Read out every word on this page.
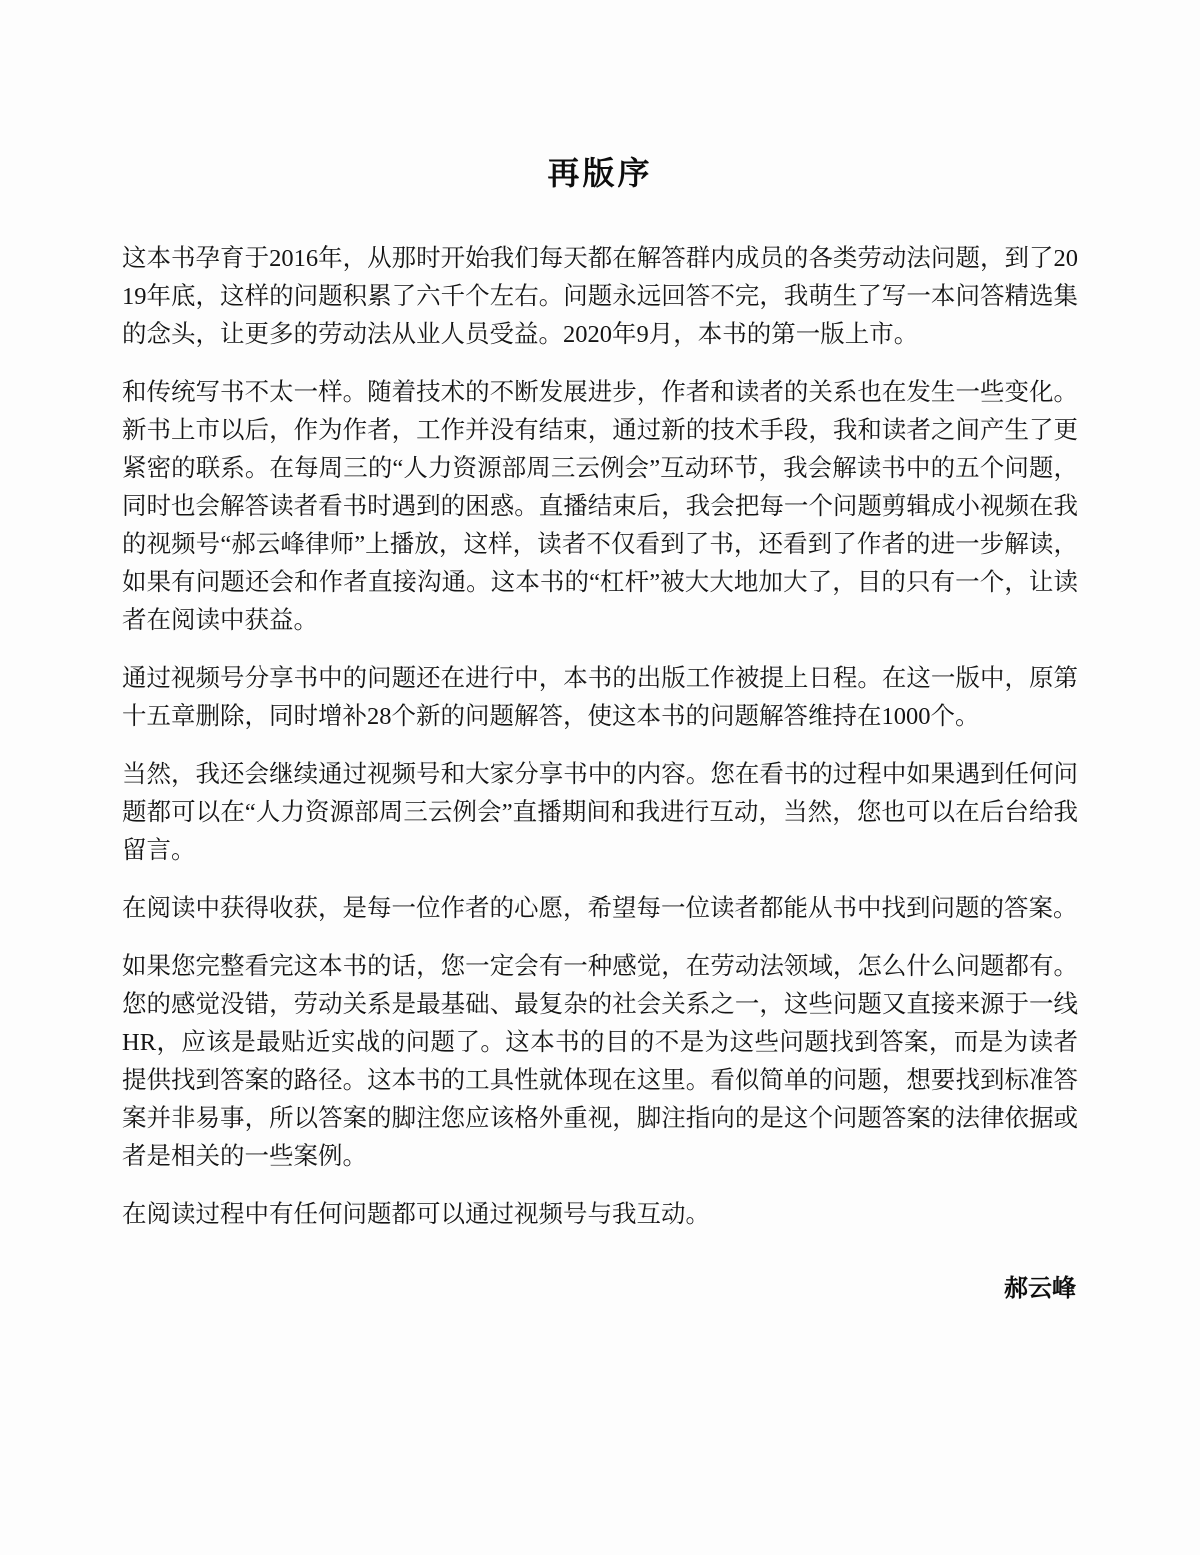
再版序

这本书孕育于2016年，从那时开始我们每天都在解答群内成员的各类劳动法问题，到了2019年底，这样的问题积累了六千个左右。问题永远回答不完，我萌生了写一本问答精选集的念头，让更多的劳动法从业人员受益。2020年9月，本书的第一版上市。

和传统写书不太一样。随着技术的不断发展进步，作者和读者的关系也在发生一些变化。新书上市以后，作为作者，工作并没有结束，通过新的技术手段，我和读者之间产生了更紧密的联系。在每周三的“人力资源部周三云例会”互动环节，我会解读书中的五个问题，同时也会解答读者看书时遇到的困惑。直播结束后，我会把每一个问题剪辑成小视频在我的视频号“郝云峰律师”上播放，这样，读者不仅看到了书，还看到了作者的进一步解读，如果有问题还会和作者直接沟通。这本书的“杠杆”被大大地加大了，目的只有一个，让读者在阅读中获益。

通过视频号分享书中的问题还在进行中，本书的出版工作被提上日程。在这一版中，原第十五章删除，同时增补28个新的问题解答，使这本书的问题解答维持在1000个。

当然，我还会继续通过视频号和大家分享书中的内容。您在看书的过程中如果遇到任何问题都可以在“人力资源部周三云例会”直播期间和我进行互动，当然，您也可以在后台给我留言。

在阅读中获得收获，是每一位作者的心愿，希望每一位读者都能从书中找到问题的答案。

如果您完整看完这本书的话，您一定会有一种感觉，在劳动法领域，怎么什么问题都有。您的感觉没错，劳动关系是最基础、最复杂的社会关系之一，这些问题又直接来源于一线HR，应该是最贴近实战的问题了。这本书的目的不是为这些问题找到答案，而是为读者提供找到答案的路径。这本书的工具性就体现在这里。看似简单的问题，想要找到标准答案并非易事，所以答案的脚注您应该格外重视，脚注指向的是这个问题答案的法律依据或者是相关的一些案例。

在阅读过程中有任何问题都可以通过视频号与我互动。

郝云峰
